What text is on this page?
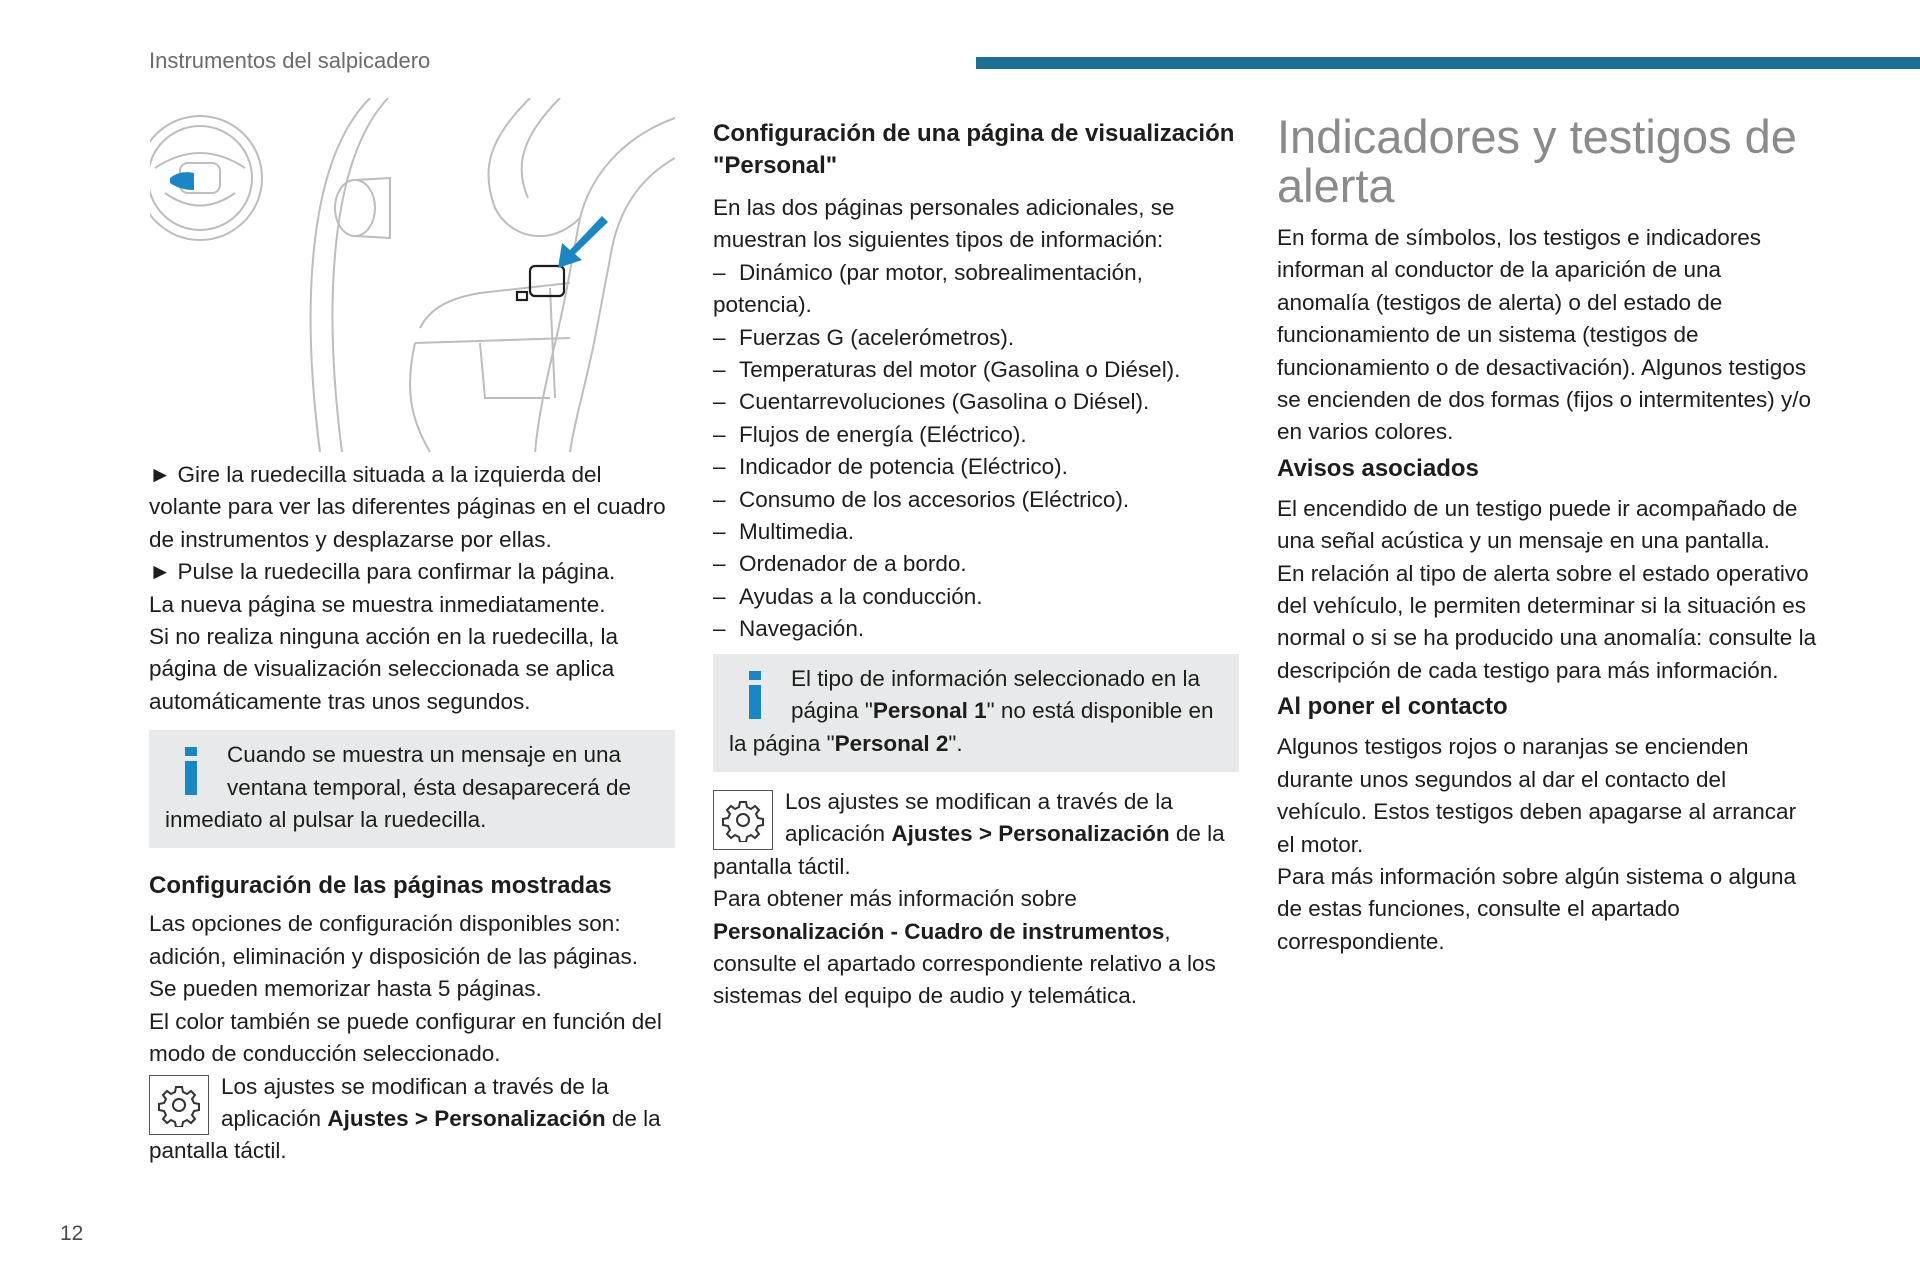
Instrumentos del salpicadero

► Gire la ruedecilla situada a la izquierda del volante para ver las diferentes páginas en el cuadro de instrumentos y desplazarse por ellas.

► Pulse la ruedecilla para confirmar la página.

La nueva página se muestra inmediatamente.

Si no realiza ninguna acción en la ruedecilla, la página de visualización seleccionada se aplica automáticamente tras unos segundos.

Cuando se muestra un mensaje en una ventana temporal, ésta desaparecerá de inmediato al pulsar la ruedecilla.

Configuración de las páginas mostradas

Las opciones de configuración disponibles son: adición, eliminación y disposición de las páginas.

Se pueden memorizar hasta 5 páginas.

El color también se puede configurar en función del modo de conducción seleccionado.

Los ajustes se modifican a través de la aplicación Ajustes > Personalización de la pantalla táctil.

Configuración de una página de visualización "Personal"

En las dos páginas personales adicionales, se muestran los siguientes tipos de información:

– Dinámico (par motor, sobrealimentación, potencia).
– Fuerzas G (acelerómetros).
– Temperaturas del motor (Gasolina o Diésel).
– Cuentarrevoluciones (Gasolina o Diésel).
– Flujos de energía (Eléctrico).
– Indicador de potencia (Eléctrico).
– Consumo de los accesorios (Eléctrico).
– Multimedia.
– Ordenador de a bordo.
– Ayudas a la conducción.
– Navegación.

El tipo de información seleccionado en la página "Personal 1" no está disponible en la página "Personal 2".

Los ajustes se modifican a través de la aplicación Ajustes > Personalización de la pantalla táctil.

Para obtener más información sobre Personalización - Cuadro de instrumentos, consulte el apartado correspondiente relativo a los sistemas del equipo de audio y telemática.

Indicadores y testigos de alerta

En forma de símbolos, los testigos e indicadores informan al conductor de la aparición de una anomalía (testigos de alerta) o del estado de funcionamiento de un sistema (testigos de funcionamiento o de desactivación). Algunos testigos se encienden de dos formas (fijos o intermitentes) y/o en varios colores.

Avisos asociados

El encendido de un testigo puede ir acompañado de una señal acústica y un mensaje en una pantalla.

En relación al tipo de alerta sobre el estado operativo del vehículo, le permiten determinar si la situación es normal o si se ha producido una anomalía: consulte la descripción de cada testigo para más información.

Al poner el contacto

Algunos testigos rojos o naranjas se encienden durante unos segundos al dar el contacto del vehículo. Estos testigos deben apagarse al arrancar el motor.

Para más información sobre algún sistema o alguna de estas funciones, consulte el apartado correspondiente.

12
